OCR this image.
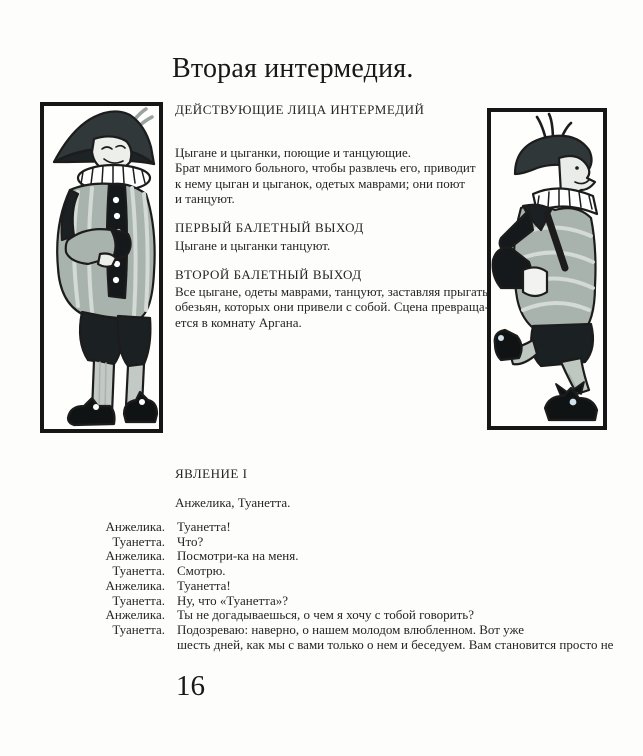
Вторая интермедия.
ДЕЙСТВУЮЩИЕ ЛИЦА ИНТЕРМЕДИЙ
Цыгане и цыганки, поющие и танцующие.
Брат мнимого больного, чтобы развлечь его, приводит
к нему цыган и цыганок, одетых маврами; они поют
и танцуют.
ПЕРВЫЙ БАЛЕТНЫЙ ВЫХОД
Цыгане и цыганки танцуют.
ВТОРОЙ БАЛЕТНЫЙ ВЫХОД
Все цыгане, одеты маврами, танцуют, заставляя прыгать
обезьян, которых они привели с собой. Сцена превраща-
ется в комнату Аргана.
ЯВЛЕНИЕ I
Анжелика, Туанетта.
Анжелика. Туанетта!
Туанетта. Что?
Анжелика. Посмотри-ка на меня.
Туанетта. Смотрю.
Анжелика. Туанетта!
Туанетта. Ну, что «Туанетта»?
Анжелика. Ты не догадываешься, о чем я хочу с тобой говорить?
Туанетта. Подозреваю: наверно, о нашем молодом влюбленном. Вот уже
шесть дней, как мы с вами только о нем и беседуем. Вам становится просто не
16
